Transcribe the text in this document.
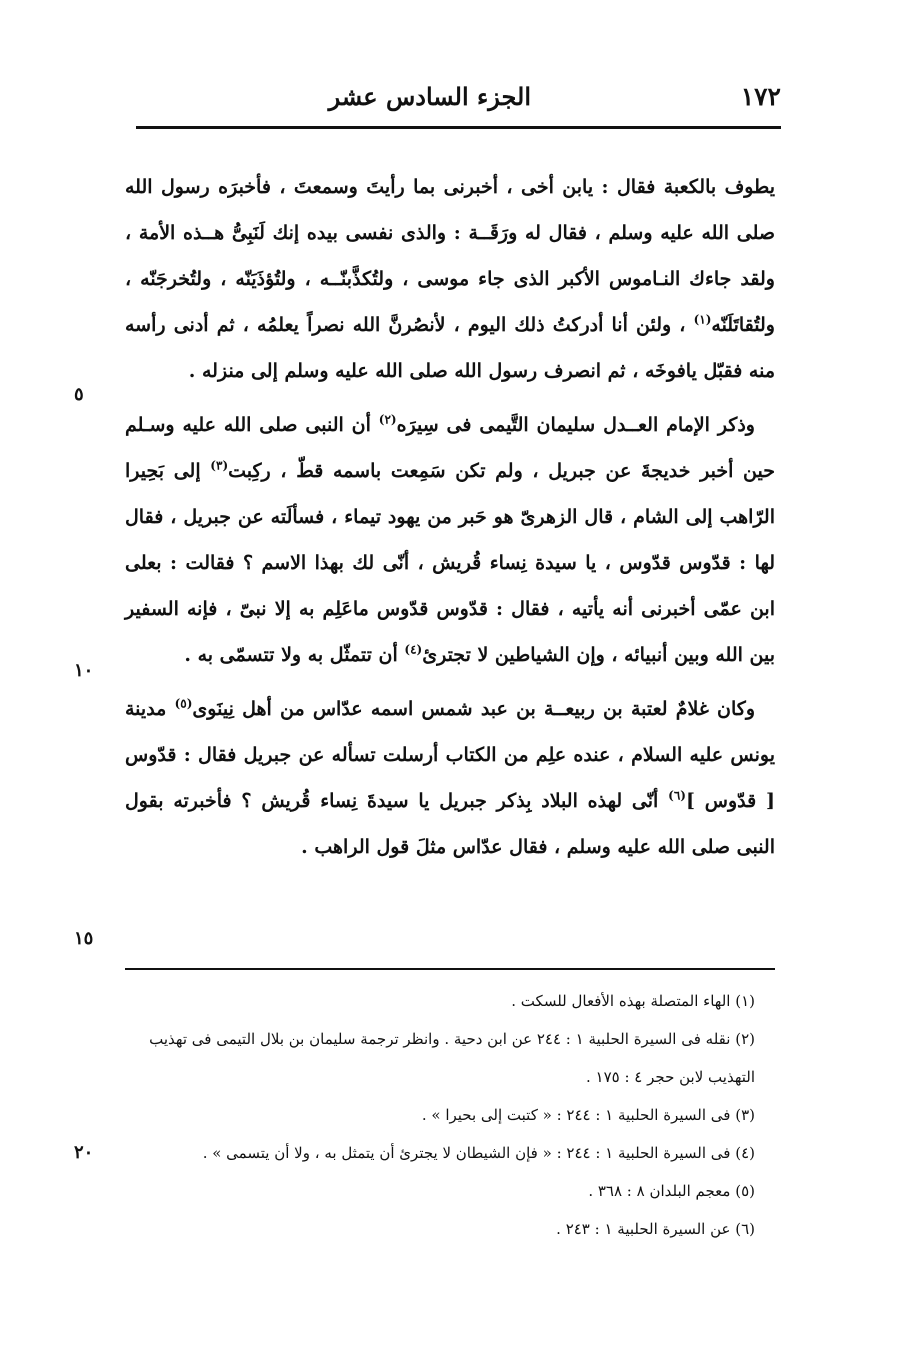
١٧٢
الجزء السادس عشر

يطوف بالكعبة فقال : يابن أخى ، أخبرنى بما رأيتَ وسمعتَ ، فأخبرَه رسول الله صلى الله عليه وسلم ، فقال له ورَقَــة : والذى نفسى بيده إنك لَنَبِىُّ هــذه الأمة ، ولقد جاءك النـاموس الأكبر الذى جاء موسى ، ولتُكذَّبنّــه ، ولتُؤذَيَنّه ، ولتُخرجَنّه ، ولتُقاتَلَنّه$^{(١)}$ ، ولئن أنا أدركتُ ذلك اليوم ، لأنصُرنَّ الله نصراً يعلمُه ، ثم أدنى رأسه منه فقبّل يافوخَه ، ثم انصرف رسول الله صلى الله عليه وسلم إلى منزله .

وذكر الإمام العــدل سليمان التَّيمى فى سِيرَه$^{(٢)}$ أن النبى صلى الله عليه وسـلم حين أخبر خديجةَ عن جبريل ، ولم تكن سَمِعت باسمه قطّ ، ركِبت$^{(٣)}$ إلى بَحِيرا الرّاهب إلى الشام ، قال الزهرىّ هو حَبر من يهود تيماء ، فسألَته عن جبريل ، فقال لها : قدّوس قدّوس ، يا سيدة نِساء قُريش ، أنّى لك بهذا الاسم ؟ فقالت : بعلى ابن عمّى أخبرنى أنه يأتيه ، فقال : قدّوس قدّوس ماعَلِم به إلا نبىّ ، فإنه السفير بين الله وبين أنبيائه ، وإن الشياطين لا تجترئ$^{(٤)}$ أن تتمثّل به ولا تتسمّى به .

وكان غلامٌ لعتبة بن ربيعــة بن عبد شمس اسمه عدّاس من أهل نِينَوى$^{(٥)}$ مدينة يونس عليه السلام ، عنده علِم من الكتاب أرسلت تسأله عن جبريل فقال : قدّوس [ قدّوس ]$^{(٦)}$ أنّى لهذه البلاد بِذكر جبريل يا سيدةَ نِساء قُريش ؟ فأخبرته بقول النبى صلى الله عليه وسلم ، فقال عدّاس مثلَ قول الراهب .

٥
١٠
١٥
٢٠

(١) الهاء المتصلة بهذه الأفعال للسكت .

(٢) نقله فى السيرة الحلبية ١ : ٢٤٤ عن ابن دحية . وانظر ترجمة سليمان بن بلال التيمى فى تهذيب التهذيب لابن حجر ٤ : ١٧٥ .

(٣) فى السيرة الحلبية ١ : ٢٤٤ : « كتبت إلى بحيرا » .

(٤) فى السيرة الحلبية ١ : ٢٤٤ : « فإن الشيطان لا يجترئ أن يتمثل به ، ولا أن يتسمى » .

(٥) معجم البلدان ٨ : ٣٦٨ .

(٦) عن السيرة الحلبية ١ : ٢٤٣ .
